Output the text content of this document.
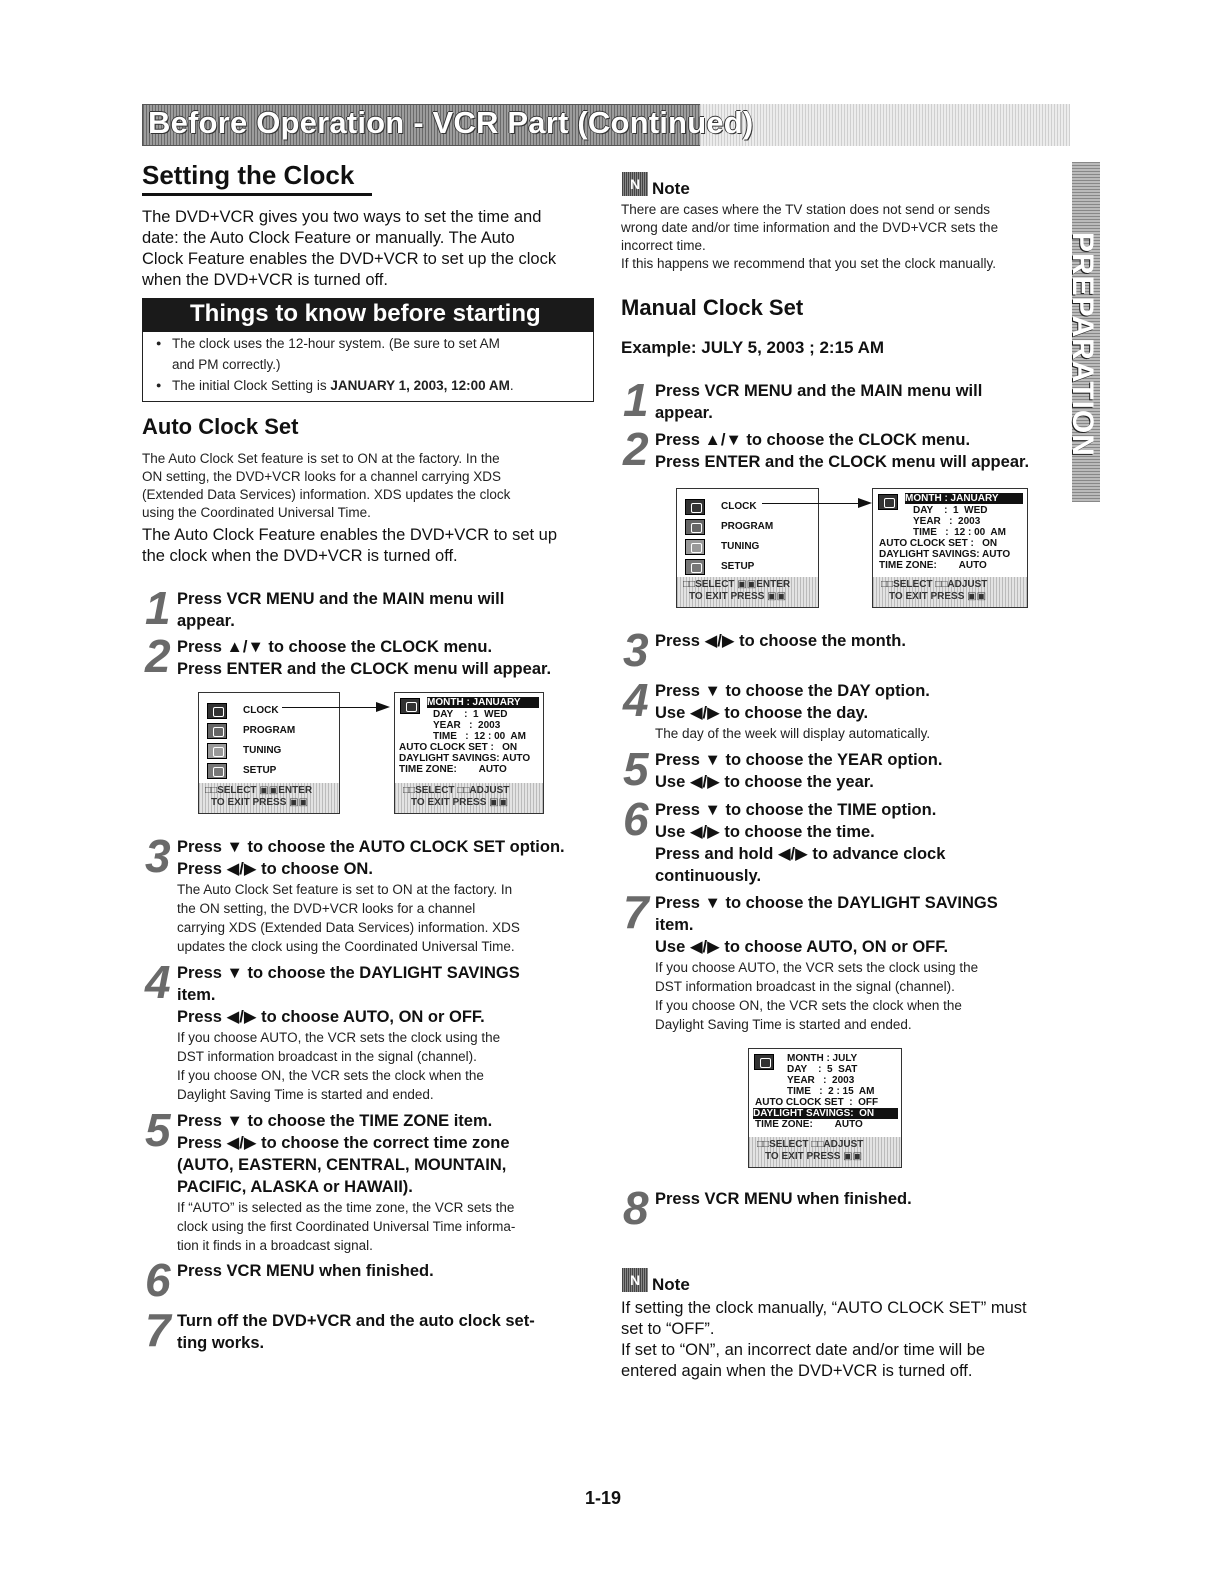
Before Operation - VCR Part (Continued)
PREPARATION
Setting the Clock
The DVD+VCR gives you two ways to set the time and
date: the Auto Clock Feature or manually. The Auto
Clock Feature enables the DVD+VCR to set up the clock
when the DVD+VCR is turned off.
Things to know before starting
● The clock uses the 12-hour system. (Be sure to set AM
and PM correctly.)
● The initial Clock Setting is JANUARY 1, 2003, 12:00 AM.
Auto Clock Set
The Auto Clock Set feature is set to ON at the factory. In the
ON setting, the DVD+VCR looks for a channel carrying XDS
(Extended Data Services) information. XDS updates the clock
using the Coordinated Universal Time.
The Auto Clock Feature enables the DVD+VCR to set up
the clock when the DVD+VCR is turned off.
1 Press VCR MENU and the MAIN menu will
appear.
2 Press ▲/▼ to choose the CLOCK menu.
Press ENTER and the CLOCK menu will appear.
CLOCK
PROGRAM
TUNING
SETUP
□□SELECT ▣▣ENTER
TO EXIT PRESS ▣▣
MONTH : JANUARY
DAY    :  1  WED
YEAR   :  2003
TIME   :  12 : 00  AM
AUTO CLOCK SET :   ON
DAYLIGHT SAVINGS: AUTO
TIME ZONE:        AUTO
□□SELECT □□ADJUST
TO EXIT PRESS ▣▣
3 Press ▼ to choose the AUTO CLOCK SET option.
Press ◀/▶ to choose ON.
The Auto Clock Set feature is set to ON at the factory. In
the ON setting, the DVD+VCR looks for a channel
carrying XDS (Extended Data Services) information. XDS
updates the clock using the Coordinated Universal Time.
4 Press ▼ to choose the DAYLIGHT SAVINGS
item.
Press ◀/▶ to choose AUTO, ON or OFF.
If you choose AUTO, the VCR sets the clock using the
DST information broadcast in the signal (channel).
If you choose ON, the VCR sets the clock when the
Daylight Saving Time is started and ended.
5 Press ▼ to choose the TIME ZONE item.
Press ◀/▶ to choose the correct time zone
(AUTO, EASTERN, CENTRAL, MOUNTAIN,
PACIFIC, ALASKA or HAWAII).
If “AUTO” is selected as the time zone, the VCR sets the
clock using the first Coordinated Universal Time informa-
tion it finds in a broadcast signal.
6 Press VCR MENU when finished.
7 Turn off the DVD+VCR and the auto clock set-
ting works.
N Note
There are cases where the TV station does not send or sends
wrong date and/or time information and the DVD+VCR sets the
incorrect time.
If this happens we recommend that you set the clock manually.
Manual Clock Set
Example: JULY 5, 2003 ; 2:15 AM
1 Press VCR MENU and the MAIN menu will
appear.
2 Press ▲/▼ to choose the CLOCK menu.
Press ENTER and the CLOCK menu will appear.
CLOCK
PROGRAM
TUNING
SETUP
□□SELECT ▣▣ENTER
TO EXIT PRESS ▣▣
MONTH : JANUARY
DAY    :  1  WED
YEAR   :  2003
TIME   :  12 : 00  AM
AUTO CLOCK SET :   ON
DAYLIGHT SAVINGS: AUTO
TIME ZONE:        AUTO
□□SELECT □□ADJUST
TO EXIT PRESS ▣▣
3 Press ◀/▶ to choose the month.
4 Press ▼ to choose the DAY option.
Use ◀/▶ to choose the day.
The day of the week will display automatically.
5 Press ▼ to choose the YEAR option.
Use ◀/▶ to choose the year.
6 Press ▼ to choose the TIME option.
Use ◀/▶ to choose the time.
Press and hold ◀/▶ to advance clock
continuously.
7 Press ▼ to choose the DAYLIGHT SAVINGS
item.
Use ◀/▶ to choose AUTO, ON or OFF.
If you choose AUTO, the VCR sets the clock using the
DST information broadcast in the signal (channel).
If you choose ON, the VCR sets the clock when the
Daylight Saving Time is started and ended.
MONTH : JULY
DAY    :  5  SAT
YEAR   :  2003
TIME   :  2 : 15  AM
AUTO CLOCK SET  :  OFF
DAYLIGHT SAVINGS:  ON
TIME ZONE:        AUTO
□□SELECT □□ADJUST
TO EXIT PRESS ▣▣
8 Press VCR MENU when finished.
N Note
If setting the clock manually, “AUTO CLOCK SET” must
set to “OFF”.
If set to “ON”, an incorrect date and/or time will be
entered again when the DVD+VCR is turned off.
1-19
